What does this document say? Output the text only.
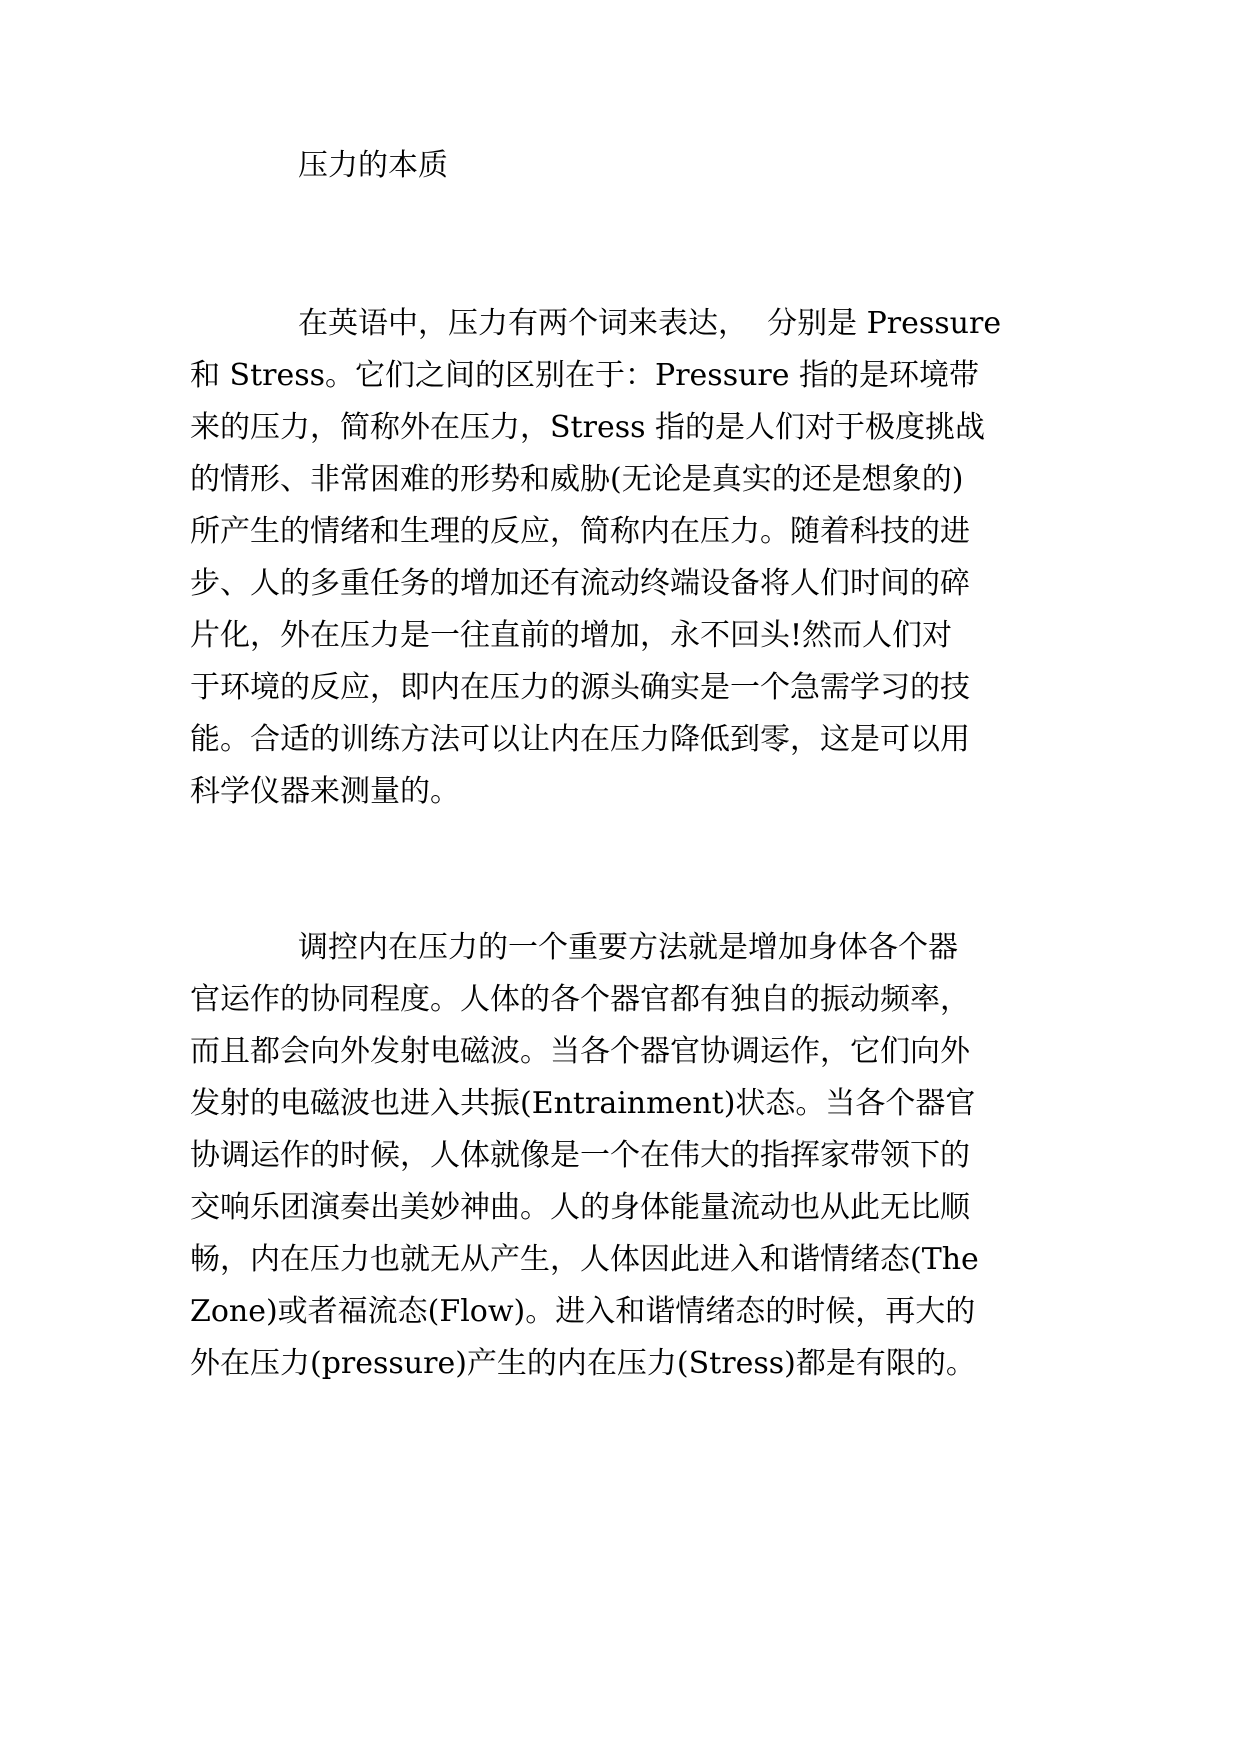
压力的本质
在英语中，压力有两个词来表达，  分别是 Pressure
和 Stress。它们之间的区别在于：Pressure 指的是环境带
来的压力，简称外在压力，Stress 指的是人们对于极度挑战
的情形、非常困难的形势和威胁(无论是真实的还是想象的)
所产生的情绪和生理的反应，简称内在压力。随着科技的进
步、人的多重任务的增加还有流动终端设备将人们时间的碎
片化，外在压力是一往直前的增加，永不回头!然而人们对
于环境的反应，即内在压力的源头确实是一个急需学习的技
能。合适的训练方法可以让内在压力降低到零，这是可以用
科学仪器来测量的。
调控内在压力的一个重要方法就是增加身体各个器
官运作的协同程度。人体的各个器官都有独自的振动频率，
而且都会向外发射电磁波。当各个器官协调运作，它们向外
发射的电磁波也进入共振(Entrainment)状态。当各个器官
协调运作的时候，人体就像是一个在伟大的指挥家带领下的
交响乐团演奏出美妙神曲。人的身体能量流动也从此无比顺
畅，内在压力也就无从产生，人体因此进入和谐情绪态(The
Zone)或者福流态(Flow)。进入和谐情绪态的时候，再大的
外在压力(pressure)产生的内在压力(Stress)都是有限的。
